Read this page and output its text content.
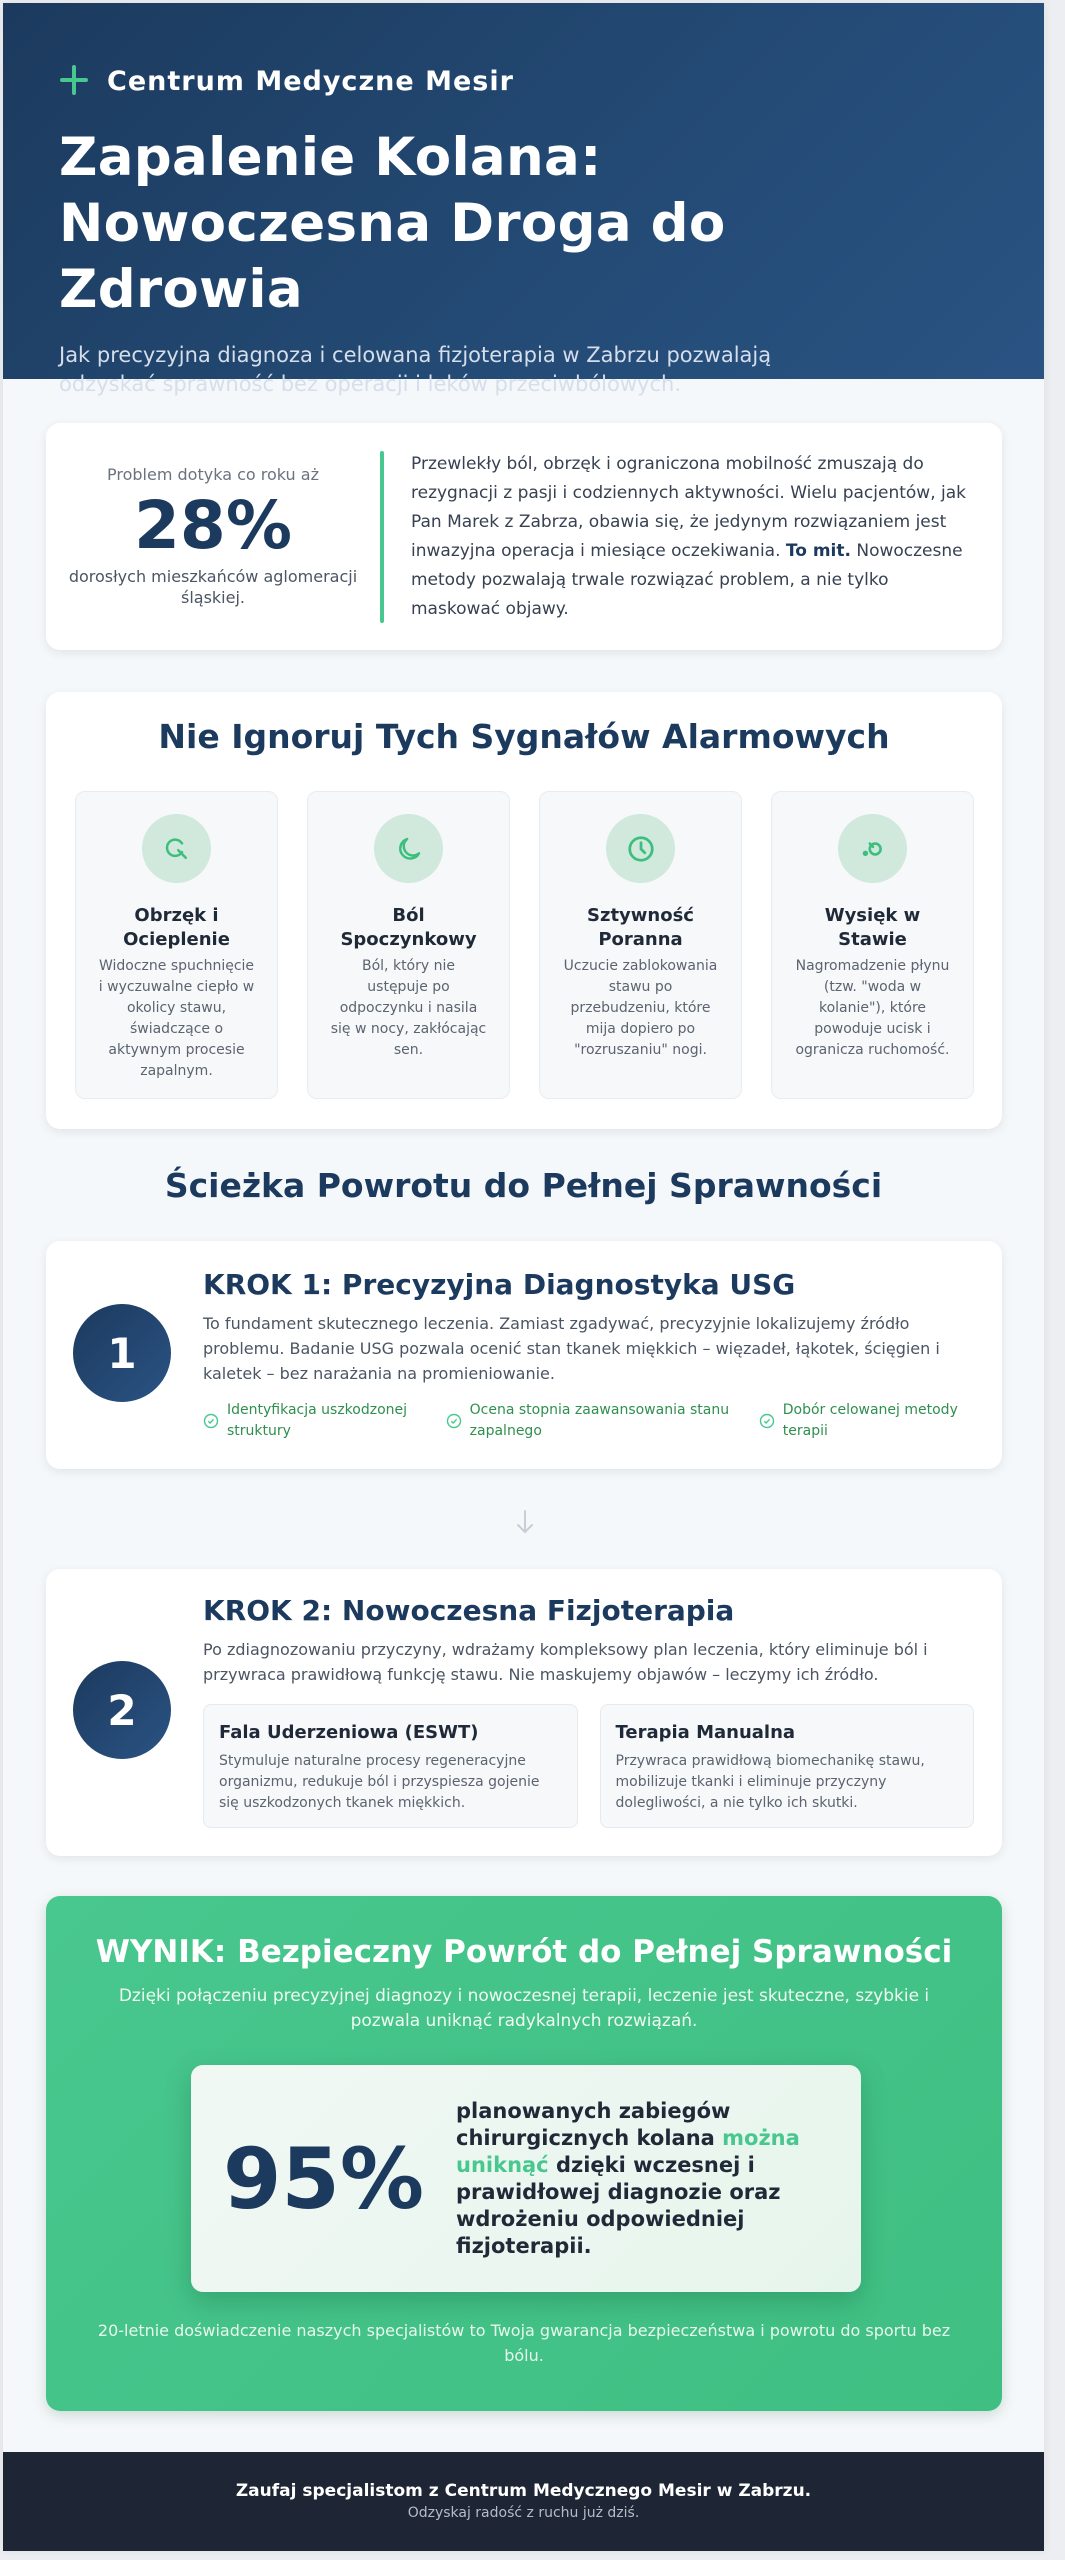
Centrum Medyczne Mesir
Zapalenie Kolana: Nowoczesna Droga do Zdrowia

Jak precyzyjna diagnoza i celowana fizjoterapia w Zabrzu pozwalają odzyskać sprawność bez operacji i leków przeciwbólowych.

Problem dotyka co roku aż
28%
dorosłych mieszkańców aglomeracji śląskiej.

Przewlekły ból, obrzęk i ograniczona mobilność zmuszają do rezygnacji z pasji i codziennych aktywności. Wielu pacjentów, jak Pan Marek z Zabrza, obawia się, że jedynym rozwiązaniem jest inwazyjna operacja i miesiące oczekiwania. To mit. Nowoczesne metody pozwalają trwale rozwiązać problem, a nie tylko maskować objawy.

Nie Ignoruj Tych Sygnałów Alarmowych
Obrzęk i Ocieplenie

Widoczne spuchnięcie i wyczuwalne ciepło w okolicy stawu, świadczące o aktywnym procesie zapalnym.

Ból Spoczynkowy

Ból, który nie ustępuje po odpoczynku i nasila się w nocy, zakłócając sen.

Sztywność Poranna

Uczucie zablokowania stawu po przebudzeniu, które mija dopiero po "rozruszaniu" nogi.

Wysięk w Stawie

Nagromadzenie płynu (tzw. "woda w kolanie"), które powoduje ucisk i ogranicza ruchomość.

Ścieżka Powrotu do Pełnej Sprawności
1
KROK 1: Precyzyjna Diagnostyka USG

To fundament skutecznego leczenia. Zamiast zgadywać, precyzyjnie lokalizujemy źródło problemu. Badanie USG pozwala ocenić stan tkanek miękkich – więzadeł, łąkotek, ścięgien i kaletek – bez narażania na promieniowanie.

Identyfikacja uszkodzonej struktury
Ocena stopnia zaawansowania stanu zapalnego
Dobór celowanej metody terapii
2
KROK 2: Nowoczesna Fizjoterapia

Po zdiagnozowaniu przyczyny, wdrażamy kompleksowy plan leczenia, który eliminuje ból i przywraca prawidłową funkcję stawu. Nie maskujemy objawów – leczymy ich źródło.

Fala Uderzeniowa (ESWT)

Stymuluje naturalne procesy regeneracyjne organizmu, redukuje ból i przyspiesza gojenie się uszkodzonych tkanek miękkich.

Terapia Manualna

Przywraca prawidłową biomechanikę stawu, mobilizuje tkanki i eliminuje przyczyny dolegliwości, a nie tylko ich skutki.

WYNIK: Bezpieczny Powrót do Pełnej Sprawności

Dzięki połączeniu precyzyjnej diagnozy i nowoczesnej terapii, leczenie jest skuteczne, szybkie i pozwala uniknąć radykalnych rozwiązań.

95%
planowanych zabiegów chirurgicznych kolana można uniknąć dzięki wczesnej i prawidłowej diagnozie oraz wdrożeniu odpowiedniej fizjoterapii.

20-letnie doświadczenie naszych specjalistów to Twoja gwarancja bezpieczeństwa i powrotu do sportu bez bólu.

Zaufaj specjalistom z Centrum Medycznego Mesir w Zabrzu.
Odzyskaj radość z ruchu już dziś.
